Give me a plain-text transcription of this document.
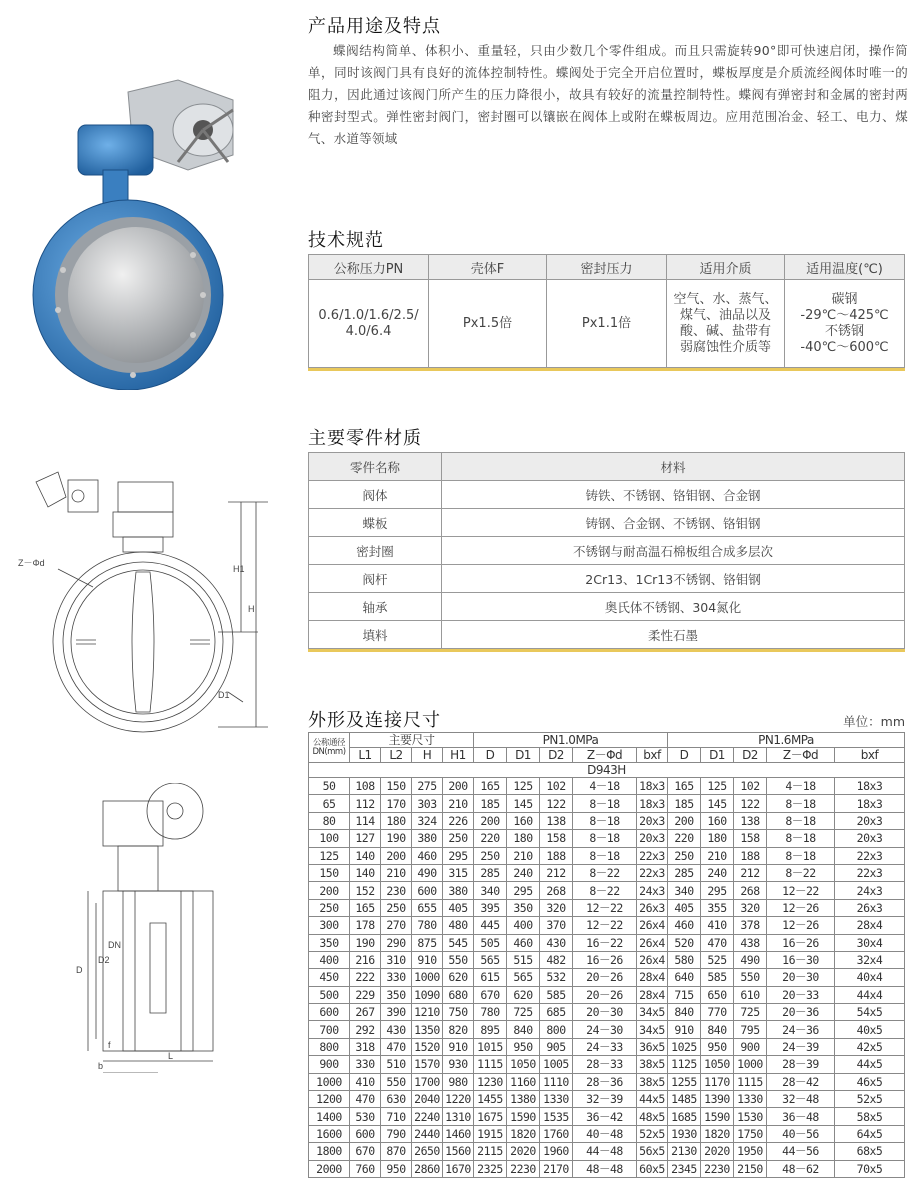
Z－Φd
H1
H
D1
D
D2
DN
L
f
b
产品用途及特点

蝶阀结构简单、体积小、重量轻，只由少数几个零件组成。而且只需旋转90°即可快速启闭，操作简单，同时该阀门具有良好的流体控制特性。蝶阀处于完全开启位置时，蝶板厚度是介质流经阀体时唯一的阻力，因此通过该阀门所产生的压力降很小，故具有较好的流量控制特性。蝶阀有弹密封和金属的密封两种密封型式。弹性密封阀门，密封圈可以镶嵌在阀体上或附在蝶板周边。应用范围冶金、轻工、电力、煤气、水道等领域

技术规范
公称压力PN	壳体F	密封压力	适用介质	适用温度(℃)
0.6/1.0/1.6/2.5/
4.0/6.4	Px1.5倍	Px1.1倍	空气、水、蒸气、
煤气、油品以及
酸、碱、盐带有
弱腐蚀性介质等	碳钢
-29℃～425℃
不锈钢
-40℃～600℃
主要零件材质
零件名称	材料
阀体	铸铁、不锈钢、铬钼钢、合金钢
蝶板	铸钢、合金钢、不锈钢、铬钼钢
密封圈	不锈钢与耐高温石棉板组合成多层次
阀杆	2Cr13、1Cr13不锈钢、铬钼钢
轴承	奥氏体不锈钢、304氮化
填料	柔性石墨
外形及连接尺寸	单位：mm
公称通径
DN(mm)	主要尺寸				PN1.0MPa					PN1.6MPa				
	L1	L2	H	H1	D	D1	D2	Z－Φd	bxf	D	D1	D2	Z－Φd	bxf
D943H														
50	108	150	275	200	165	125	102	4－18	18x3	165	125	102	4－18	18x3
65	112	170	303	210	185	145	122	8－18	18x3	185	145	122	8－18	18x3
80	114	180	324	226	200	160	138	8－18	20x3	200	160	138	8－18	20x3
100	127	190	380	250	220	180	158	8－18	20x3	220	180	158	8－18	20x3
125	140	200	460	295	250	210	188	8－18	22x3	250	210	188	8－18	22x3
150	140	210	490	315	285	240	212	8－22	22x3	285	240	212	8－22	22x3
200	152	230	600	380	340	295	268	8－22	24x3	340	295	268	12－22	24x3
250	165	250	655	405	395	350	320	12－22	26x3	405	355	320	12－26	26x3
300	178	270	780	480	445	400	370	12－22	26x4	460	410	378	12－26	28x4
350	190	290	875	545	505	460	430	16－22	26x4	520	470	438	16－26	30x4
400	216	310	910	550	565	515	482	16－26	26x4	580	525	490	16－30	32x4
450	222	330	1000	620	615	565	532	20－26	28x4	640	585	550	20－30	40x4
500	229	350	1090	680	670	620	585	20－26	28x4	715	650	610	20－33	44x4
600	267	390	1210	750	780	725	685	20－30	34x5	840	770	725	20－36	54x5
700	292	430	1350	820	895	840	800	24－30	34x5	910	840	795	24－36	40x5
800	318	470	1520	910	1015	950	905	24－33	36x5	1025	950	900	24－39	42x5
900	330	510	1570	930	1115	1050	1005	28－33	38x5	1125	1050	1000	28－39	44x5
1000	410	550	1700	980	1230	1160	1110	28－36	38x5	1255	1170	1115	28－42	46x5
1200	470	630	2040	1220	1455	1380	1330	32－39	44x5	1485	1390	1330	32－48	52x5
1400	530	710	2240	1310	1675	1590	1535	36－42	48x5	1685	1590	1530	36－48	58x5
1600	600	790	2440	1460	1915	1820	1760	40－48	52x5	1930	1820	1750	40－56	64x5
1800	670	870	2650	1560	2115	2020	1960	44－48	56x5	2130	2020	1950	44－56	68x5
2000	760	950	2860	1670	2325	2230	2170	48－48	60x5	2345	2230	2150	48－62	70x5
